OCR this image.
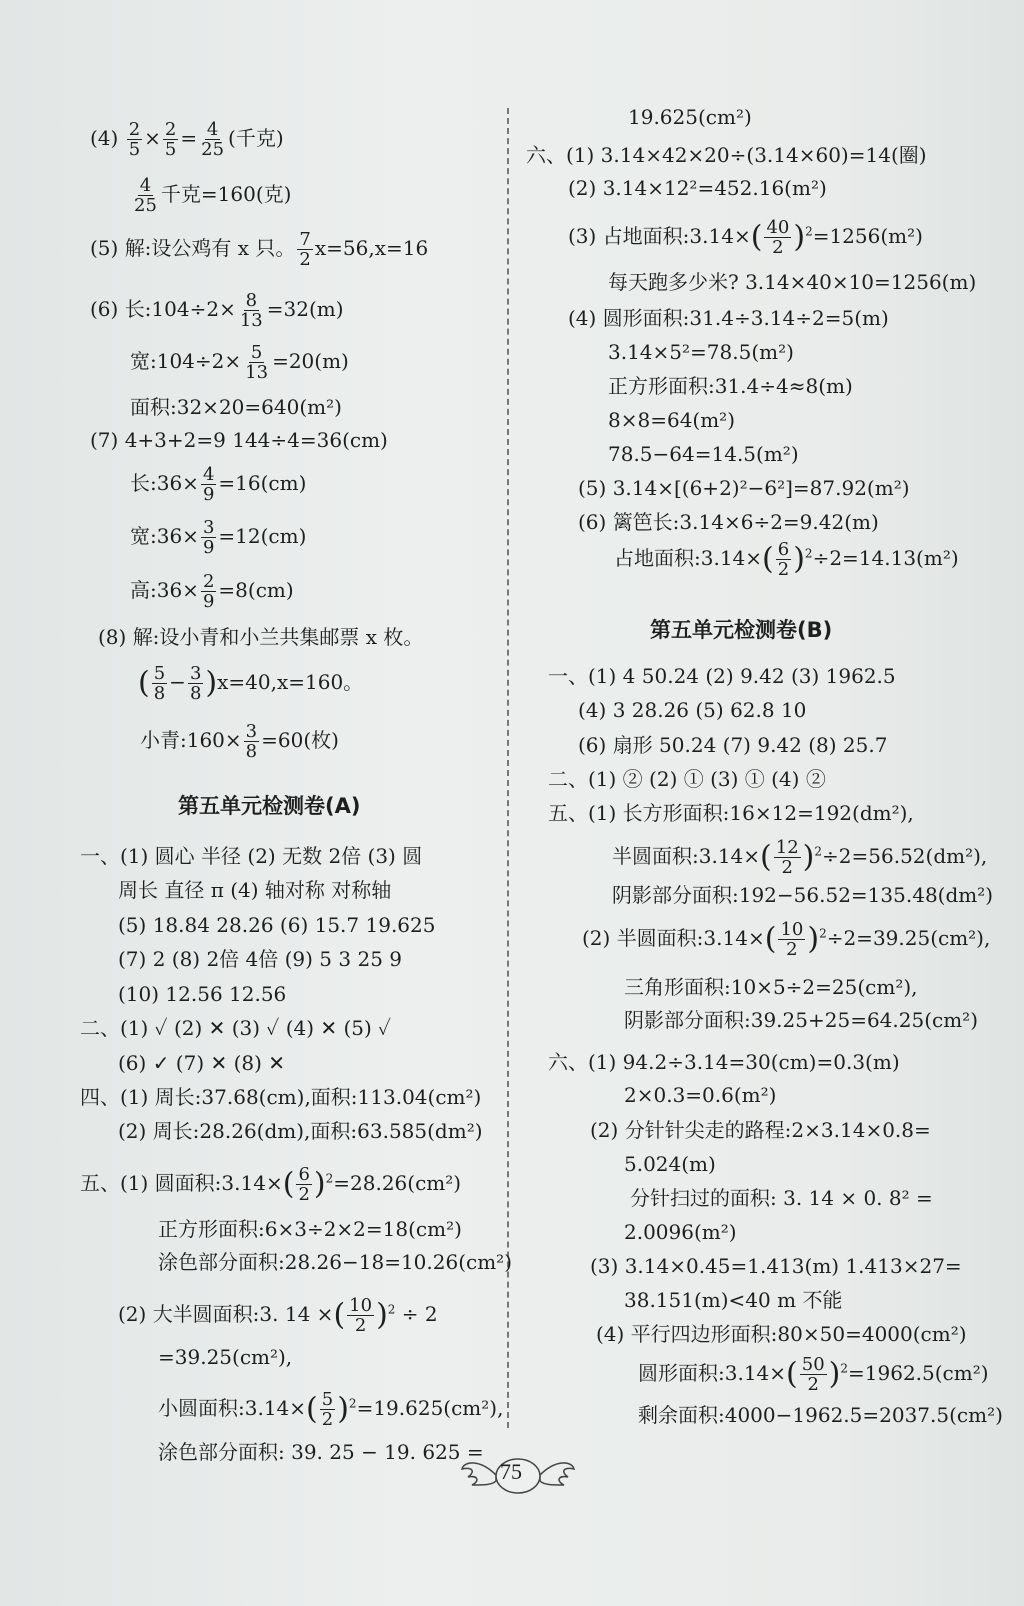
$(4) \frac{2}{5} \times \frac{2}{5} = \frac{4}{25}$ (千克)
$\frac{4}{25}$ 千克=160(克)
(5) 解:设公鸡有 x 只。 $\frac{7}{2} x=56,x=16$
(6) 长:104÷2× $\frac{8}{13} =32(m)$
宽:104÷2× $\frac{5}{13} =20(m)$
面积:32×20=640(m²)
(7) 4+3+2=9 144÷4=36(cm)
长:36× $\frac{4}{9} =16(cm)$
宽:36× $\frac{3}{9} =12(cm)$
高:36× $\frac{2}{9} =8(cm)$
(8) 解:设小青和小兰共集邮票 x 枚。
( $\frac{5}{8} - \frac{3}{8} )x=40,x=160$。
小青:160× $\frac{3}{8} =60$(枚)
第五单元检测卷(A)
一、(1) 圆心 半径 (2) 无数 2倍 (3) 圆
周长 直径 π (4) 轴对称 对称轴
(5) 18.84 28.26 (6) 15.7 19.625
(7) 2 (8) 2倍 4倍 (9) 5 3 25 9
(10) 12.56 12.56
二、(1) ✓ (2) ✕ (3) ✓ (4) ✕ (5) ✓
(6) ✓ (7) ✕ (8) ✕
四、(1) 周长:37.68(cm),面积:113.04(cm²)
(2) 周长:28.26(dm),面积:63.585(dm²)
五、(1) 圆面积:3.14×( $\frac{6}{2} )^2=28.26(cm^2)$
正方形面积:6×3÷2×2=18(cm²)
涂色部分面积:28.26−18=10.26(cm²)
(2) 大半圆面积:3. 14 ×( $\frac{10}{2} )^2 \div 2$
=39.25(cm²),
小圆面积:3.14×( $\frac{5}{2} )^2=19.625(cm^2)$,
涂色部分面积: 39. 25 − 19. 625 =
19.625(cm²)
六、(1) 3.14×42×20÷(3.14×60)=14(圈)
(2) 3.14×12²=452.16(m²)
(3) 占地面积:3.14×( $\frac{40}{2} )^2=1256(m^2)$
每天跑多少米? 3.14×40×10=1256(m)
(4) 圆形面积:31.4÷3.14÷2=5(m)
3.14×5²=78.5(m²)
正方形面积:31.4÷4≈8(m)
8×8=64(m²)
78.5−64=14.5(m²)
(5) 3.14×[(6+2)²−6²]=87.92(m²)
(6) 篱笆长:3.14×6÷2=9.42(m)
占地面积:3.14×( $\frac{6}{2} )^2\div 2=14.13(m^2)$
第五单元检测卷(B)
一、(1) 4 50.24 (2) 9.42 (3) 1962.5
(4) 3 28.26 (5) 62.8 10
(6) 扇形 50.24 (7) 9.42 (8) 25.7
二、(1) ② (2) ① (3) ① (4) ②
五、(1) 长方形面积:16×12=192(dm²),
半圆面积:3.14×( $\frac{12}{2} )^2\div 2=56.52(dm^2)$,
阴影部分面积:192−56.52=135.48(dm²)
(2) 半圆面积:3.14×( $\frac{10}{2} )^2\div 2=39.25(cm^2)$,
三角形面积:10×5÷2=25(cm²),
阴影部分面积:39.25+25=64.25(cm²)
六、(1) 94.2÷3.14=30(cm)=0.3(m)
2×0.3=0.6(m²)
(2) 分针针尖走的路程:2×3.14×0.8=
5.024(m)
分针扫过的面积: 3. 14 × 0. 8² =
2.0096(m²)
(3) 3.14×0.45=1.413(m) 1.413×27=
38.151(m)<40 m 不能
(4) 平行四边形面积:80×50=4000(cm²)
圆形面积:3.14×( $\frac{50}{2} )^2=1962.5(cm^2)$
剩余面积:4000−1962.5=2037.5(cm²)
75
